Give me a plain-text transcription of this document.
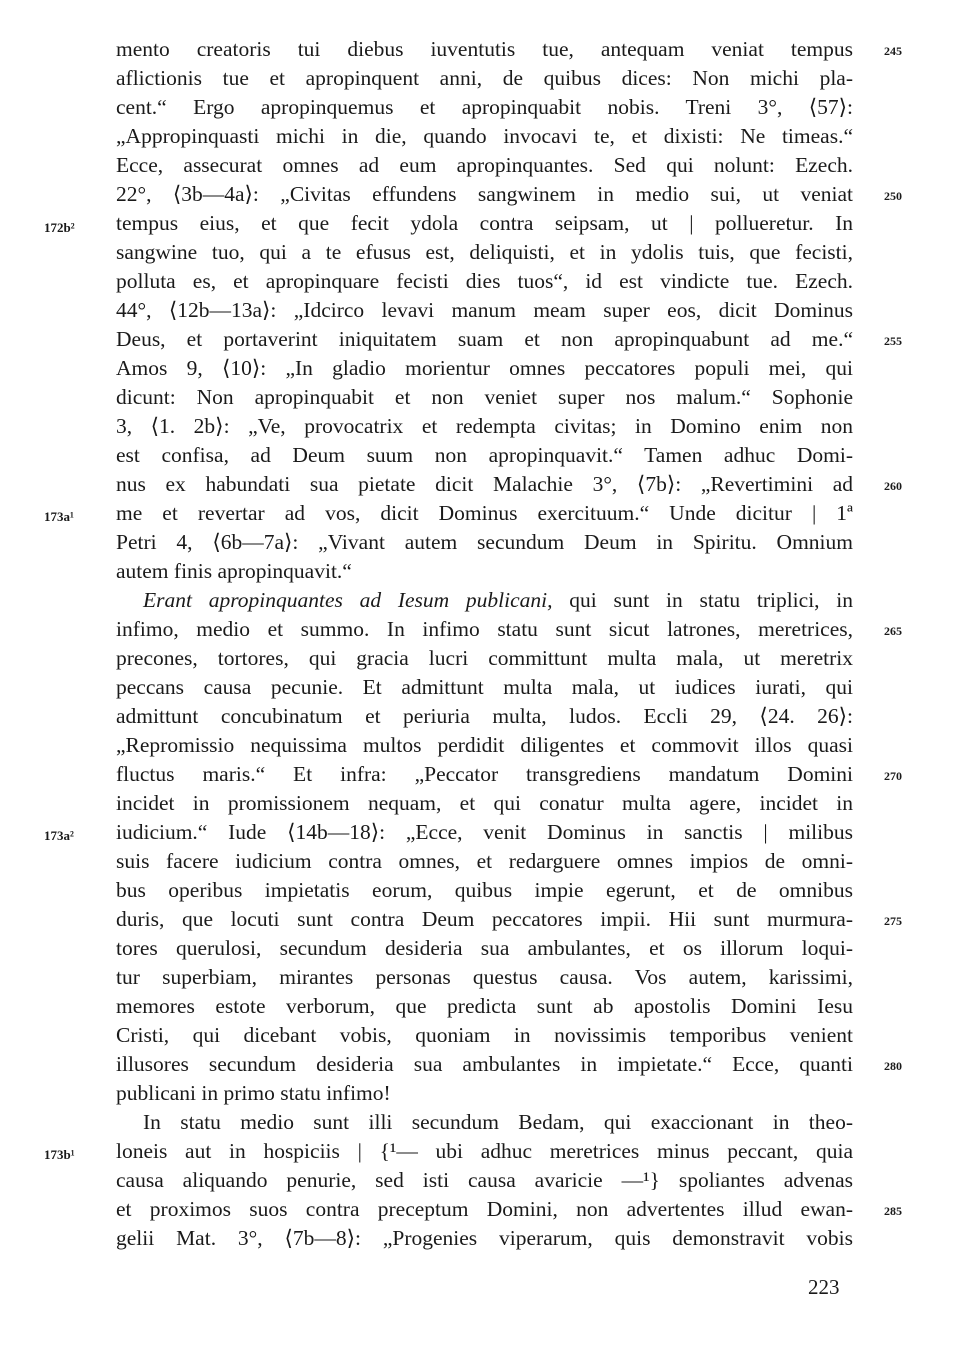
mento creatoris tui diebus iuventutis tue, antequam veniat tempus
aflictionis tue et apropinquent anni, de quibus dices: Non michi pla-
cent.“ Ergo apropinquemus et apropinquabit nobis. Treni 3°, ⟨57⟩:
„Appropinquasti michi in die, quando invocavi te, et dixisti: Ne timeas.“
Ecce, assecurat omnes ad eum apropinquantes. Sed qui nolunt: Ezech.
22°, ⟨3b—4a⟩: „Civitas effundens sangwinem in medio sui, ut veniat
tempus eius, et que fecit ydola contra seipsam, ut | pollueretur. In
sangwine tuo, qui a te efusus est, deliquisti, et in ydolis tuis, que fecisti,
polluta es, et apropinquare fecisti dies tuos“, id est vindicte tue. Ezech.
44°, ⟨12b—13a⟩: „Idcirco levavi manum meam super eos, dicit Dominus
Deus, et portaverint iniquitatem suam et non apropinquabunt ad me.“
Amos 9, ⟨10⟩: „In gladio morientur omnes peccatores populi mei, qui
dicunt: Non apropinquabit et non veniet super nos malum.“ Sophonie
3, ⟨1. 2b⟩: „Ve, provocatrix et redempta civitas; in Domino enim non
est confisa, ad Deum suum non apropinquavit.“ Tamen adhuc Domi-
nus ex habundati sua pietate dicit Malachie 3°, ⟨7b⟩: „Revertimini ad
me et revertar ad vos, dicit Dominus exercituum.“ Unde dicitur | 1ª
Petri 4, ⟨6b—7a⟩: „Vivant autem secundum Deum in Spiritu. Omnium
autem finis apropinquavit.“
Erant apropinquantes ad Iesum publicani, qui sunt in statu triplici, in
infimo, medio et summo. In infimo statu sunt sicut latrones, meretrices,
precones, tortores, qui gracia lucri committunt multa mala, ut meretrix
peccans causa pecunie. Et admittunt multa mala, ut iudices iurati, qui
admittunt concubinatum et periuria multa, ludos. Eccli 29, ⟨24. 26⟩:
„Repromissio nequissima multos perdidit diligentes et commovit illos quasi
fluctus maris.“ Et infra: „Peccator transgrediens mandatum Domini
incidet in promissionem nequam, et qui conatur multa agere, incidet in
iudicium.“ Iude ⟨14b—18⟩: „Ecce, venit Dominus in sanctis | milibus
suis facere iudicium contra omnes, et redarguere omnes impios de omni-
bus operibus impietatis eorum, quibus impie egerunt, et de omnibus
duris, que locuti sunt contra Deum peccatores impii. Hii sunt murmura-
tores querulosi, secundum desideria sua ambulantes, et os illorum loqui-
tur superbiam, mirantes personas questus causa. Vos autem, karissimi,
memores estote verborum, que predicta sunt ab apostolis Domini Iesu
Cristi, qui dicebant vobis, quoniam in novissimis temporibus venient
illusores secundum desideria sua ambulantes in impietate.“ Ecce, quanti
publicani in primo statu infimo!
In statu medio sunt illi secundum Bedam, qui exaccionant in theo-
loneis aut in hospiciis | {¹— ubi adhuc meretrices minus peccant, quia
causa aliquando penurie, sed isti causa avaricie —¹} spoliantes advenas
et proximos suos contra preceptum Domini, non advertentes illud ewan-
gelii Mat. 3°, ⟨7b—8⟩: „Progenies viperarum, quis demonstravit vobis
245
250
255
260
265
270
275
280
285
172b²
173a¹
173a²
173b¹
223
